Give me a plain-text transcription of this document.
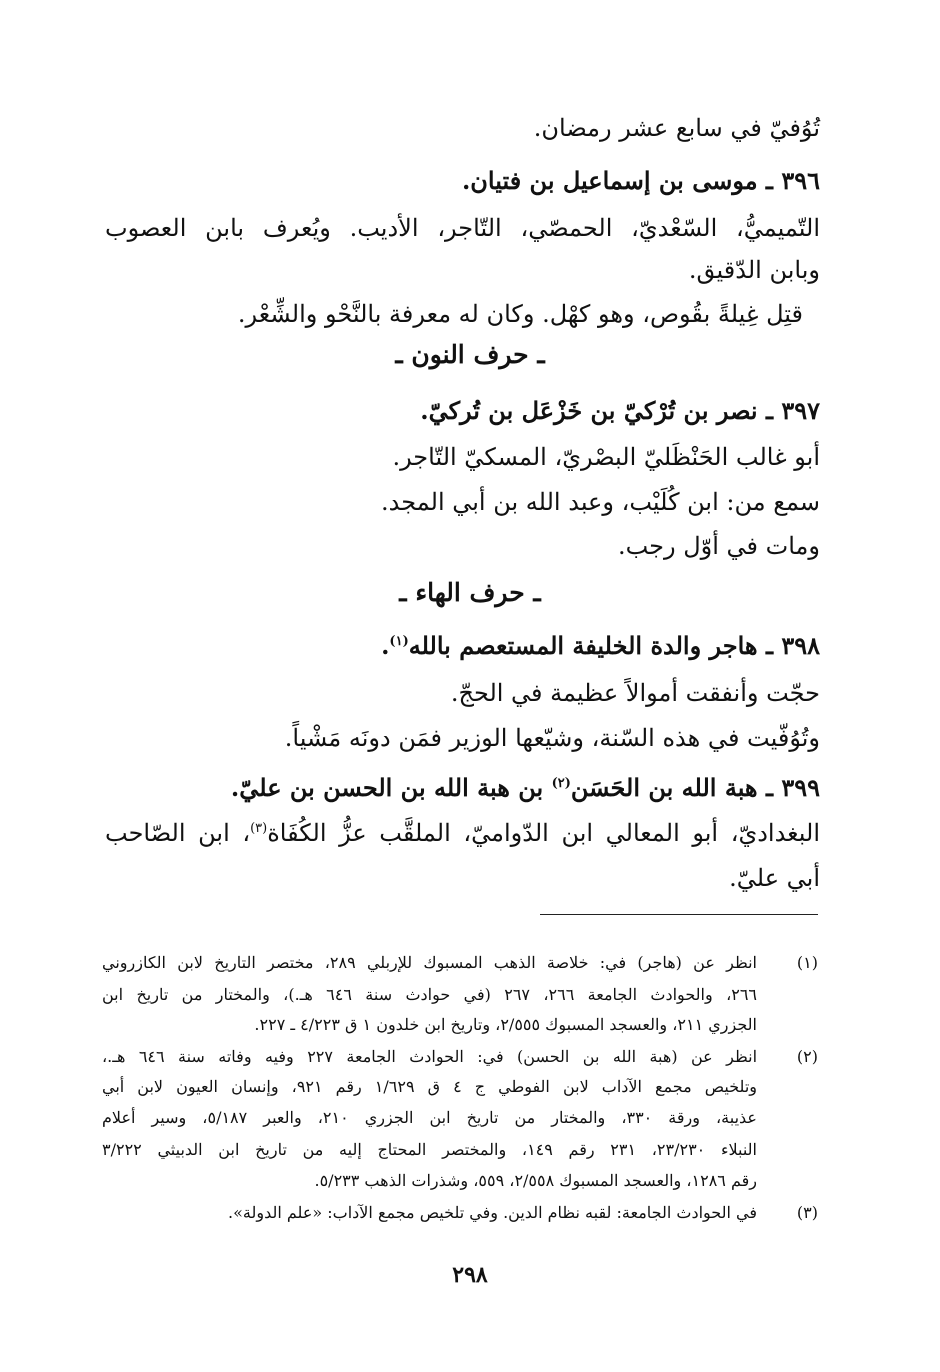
تُوُفيّ في سابع عشر رمضان.
٣٩٦ ـ موسى بن إسماعيل بن فتيان.
التّميميُّ، السّعْديّ، الحمصّي، التّاجر، الأديب. ويُعرف بابن العصوب
وبابن الدّقيق.
قتِل غِيلةً بقُوص، وهو كهْل. وكان له معرفة بالنَّحْو والشِّعْر.
ـ حرف النون ـ
٣٩٧ ـ نصر بن تُرْكيّ بن خَزْعَل بن تُركيّ.
أبو غالب الحَنْظَليّ البصْريّ، المسكيّ التّاجر.
سمع من: ابن كُلَيْب، وعبد الله بن أبي المجد.
ومات في أوّل رجب.
ـ حرف الهاء ـ
٣٩٨ ـ هاجر والدة الخليفة المستعصم بالله$^{(١)}$.
حجّت وأنفقت أموالاً عظيمة في الحجّ.
وتُوُفّيت في هذه السّنة، وشيّعها الوزير فمَن دونَه مَشْياً.
٣٩٩ ـ هبة الله بن الحَسَن$^{(٢)}$ بن هبة الله بن الحسن بن عليّ.
البغداديّ، أبو المعالي ابن الدّواميّ، الملقَّب عزُّ الكُفَاة$^{(٣)}$، ابن الصّاحب
أبي عليّ.
(١)
انظر عن (هاجر) في: خلاصة الذهب المسبوك للإربلي ٢٨٩، مختصر التاريخ لابن الكازروني
٢٦٦، والحوادث الجامعة ٢٦٦، ٢٦٧ (في حوادث سنة ٦٤٦ هـ.)، والمختار من تاريخ ابن
الجزري ٢١١، والعسجد المسبوك ٢/٥٥٥، وتاريخ ابن خلدون ١ ق ٤/٢٢٣ ـ ٢٢٧.
(٢)
انظر عن (هبة الله بن الحسن) في: الحوادث الجامعة ٢٢٧ وفيه وفاته سنة ٦٤٦ هـ.،
وتلخيص مجمع الآداب لابن الفوطي ج ٤ ق ١/٦٢٩ رقم ٩٢١، وإنسان العيون لابن أبي
عذيبة، ورقة ٣٣٠، والمختار من تاريخ ابن الجزري ٢١٠، والعبر ٥/١٨٧، وسير أعلام
النبلاء ٢٣/٢٣٠، ٢٣١ رقم ١٤٩، والمختصر المحتاج إليه من تاريخ ابن الدبيثي ٣/٢٢٢
رقم ١٢٨٦، والعسجد المسبوك ٢/٥٥٨، ٥٥٩، وشذرات الذهب ٥/٢٣٣.
(٣)
في الحوادث الجامعة: لقبه نظام الدين. وفي تلخيص مجمع الآداب: «علم الدولة».
٢٩٨
